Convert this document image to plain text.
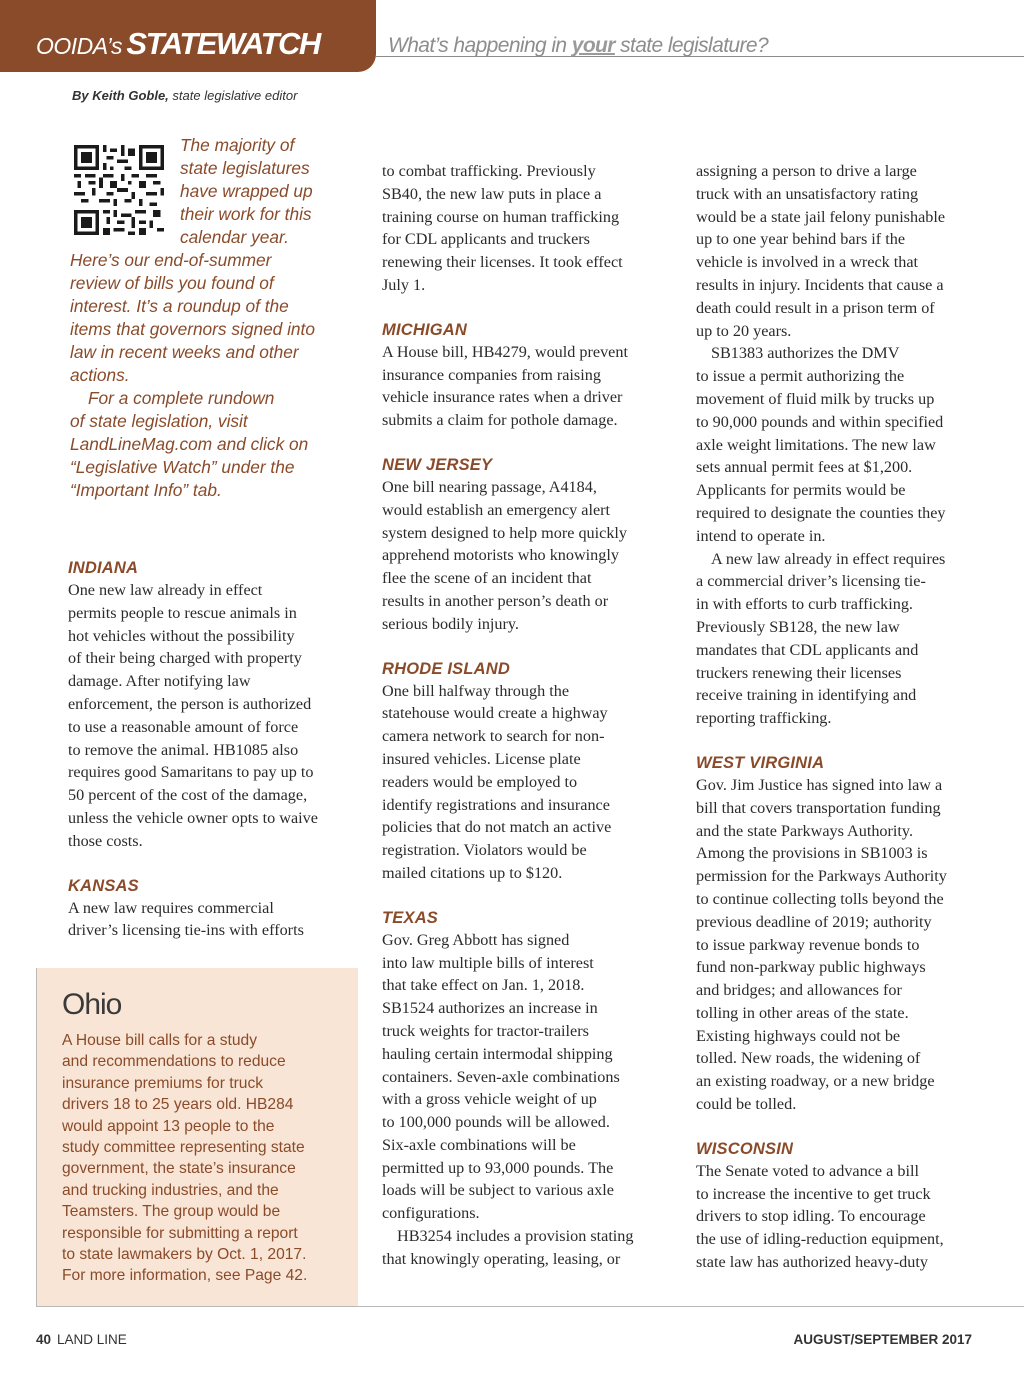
OOIDA’s STATEWATCH	What’s happening in your state legislature?
By Keith Goble, state legislative editor
The majority of
state legislatures
have wrapped up
their work for this
calendar year.
Here’s our end-of-summer
review of bills you found of
interest. It’s a roundup of the
items that governors signed into
law in recent weeks and other
actions.
For a complete rundown
of state legislation, visit
LandLineMag.com and click on
“Legislative Watch” under the
“Important Info” tab.
INDIANA
One new law already in effect
permits people to rescue animals in
hot vehicles without the possibility
of their being charged with property
damage. After notifying law
enforcement, the person is authorized
to use a reasonable amount of force
to remove the animal. HB1085 also
requires good Samaritans to pay up to
50 percent of the cost of the damage,
unless the vehicle owner opts to waive
those costs.
KANSAS
A new law requires commercial
driver’s licensing tie-ins with efforts
Ohio
A House bill calls for a study
and recommendations to reduce
insurance premiums for truck
drivers 18 to 25 years old. HB284
would appoint 13 people to the
study committee representing state
government, the state’s insurance
and trucking industries, and the
Teamsters. The group would be
responsible for submitting a report
to state lawmakers by Oct. 1, 2017.
For more information, see Page 42.
to combat trafficking. Previously
SB40, the new law puts in place a
training course on human trafficking
for CDL applicants and truckers
renewing their licenses. It took effect
July 1.
MICHIGAN
A House bill, HB4279, would prevent
insurance companies from raising
vehicle insurance rates when a driver
submits a claim for pothole damage.
NEW JERSEY
One bill nearing passage, A4184,
would establish an emergency alert
system designed to help more quickly
apprehend motorists who knowingly
flee the scene of an incident that
results in another person’s death or
serious bodily injury.
RHODE ISLAND
One bill halfway through the
statehouse would create a highway
camera network to search for non-
insured vehicles. License plate
readers would be employed to
identify registrations and insurance
policies that do not match an active
registration. Violators would be
mailed citations up to $120.
TEXAS
Gov. Greg Abbott has signed
into law multiple bills of interest
that take effect on Jan. 1, 2018.
SB1524 authorizes an increase in
truck weights for tractor-trailers
hauling certain intermodal shipping
containers. Seven-axle combinations
with a gross vehicle weight of up
to 100,000 pounds will be allowed.
Six-axle combinations will be
permitted up to 93,000 pounds. The
loads will be subject to various axle
configurations.
HB3254 includes a provision stating
that knowingly operating, leasing, or
assigning a person to drive a large
truck with an unsatisfactory rating
would be a state jail felony punishable
up to one year behind bars if the
vehicle is involved in a wreck that
results in injury. Incidents that cause a
death could result in a prison term of
up to 20 years.
SB1383 authorizes the DMV
to issue a permit authorizing the
movement of fluid milk by trucks up
to 90,000 pounds and within specified
axle weight limitations. The new law
sets annual permit fees at $1,200.
Applicants for permits would be
required to designate the counties they
intend to operate in.
A new law already in effect requires
a commercial driver’s licensing tie-
in with efforts to curb trafficking.
Previously SB128, the new law
mandates that CDL applicants and
truckers renewing their licenses
receive training in identifying and
reporting trafficking.
WEST VIRGINIA
Gov. Jim Justice has signed into law a
bill that covers transportation funding
and the state Parkways Authority.
Among the provisions in SB1003 is
permission for the Parkways Authority
to continue collecting tolls beyond the
previous deadline of 2019; authority
to issue parkway revenue bonds to
fund non-parkway public highways
and bridges; and allowances for
tolling in other areas of the state.
Existing highways could not be
tolled. New roads, the widening of
an existing roadway, or a new bridge
could be tolled.
WISCONSIN
The Senate voted to advance a bill
to increase the incentive to get truck
drivers to stop idling. To encourage
the use of idling-reduction equipment,
state law has authorized heavy-duty
40 LAND LINE	AUGUST/SEPTEMBER 2017
